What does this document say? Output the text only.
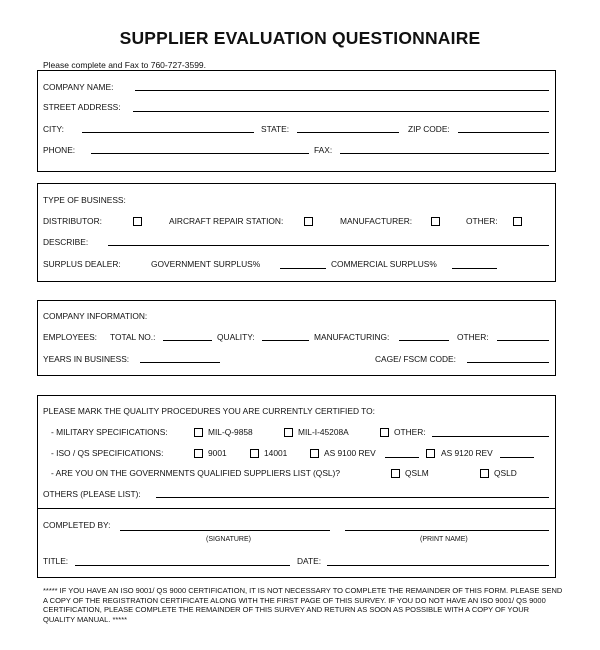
SUPPLIER EVALUATION QUESTIONNAIRE
Please complete and Fax to 760-727-3599.
COMPANY NAME:
STREET ADDRESS:
CITY:	STATE:	ZIP CODE:
PHONE:	FAX:
TYPE OF BUSINESS:
DISTRIBUTOR:	AIRCRAFT REPAIR STATION:	MANUFACTURER:	OTHER:
DESCRIBE:
SURPLUS DEALER:	GOVERNMENT SURPLUS%	COMMERCIAL SURPLUS%
COMPANY INFORMATION:
EMPLOYEES: TOTAL NO.:	QUALITY:	MANUFACTURING:	OTHER:
YEARS IN BUSINESS:	CAGE/ FSCM CODE:
PLEASE MARK THE QUALITY PROCEDURES YOU ARE CURRENTLY CERTIFIED TO:
- MILITARY SPECIFICATIONS:	MIL-Q-9858	MIL-I-45208A	OTHER:
- ISO / QS SPECIFICATIONS:	9001	14001	AS 9100 REV	AS 9120 REV
- ARE YOU ON THE GOVERNMENTS QUALIFIED SUPPLIERS LIST (QSL)?	QSLM	QSLD
OTHERS (PLEASE LIST):
COMPLETED BY:
(SIGNATURE)	(PRINT NAME)
TITLE:	DATE:
***** IF YOU HAVE AN ISO 9001/ QS 9000 CERTIFICATION, IT IS NOT NECESSARY TO COMPLETE THE REMAINDER OF THIS FORM. PLEASE SEND A COPY OF THE REGISTRATION CERTIFICATE ALONG WITH THE FIRST PAGE OF THIS SURVEY. IF YOU DO NOT HAVE AN ISO 9001/ QS 9000 CERTIFICATION, PLEASE COMPLETE THE REMAINDER OF THIS SURVEY AND RETURN AS SOON AS POSSIBLE WITH A COPY OF YOUR QUALITY MANUAL. *****
